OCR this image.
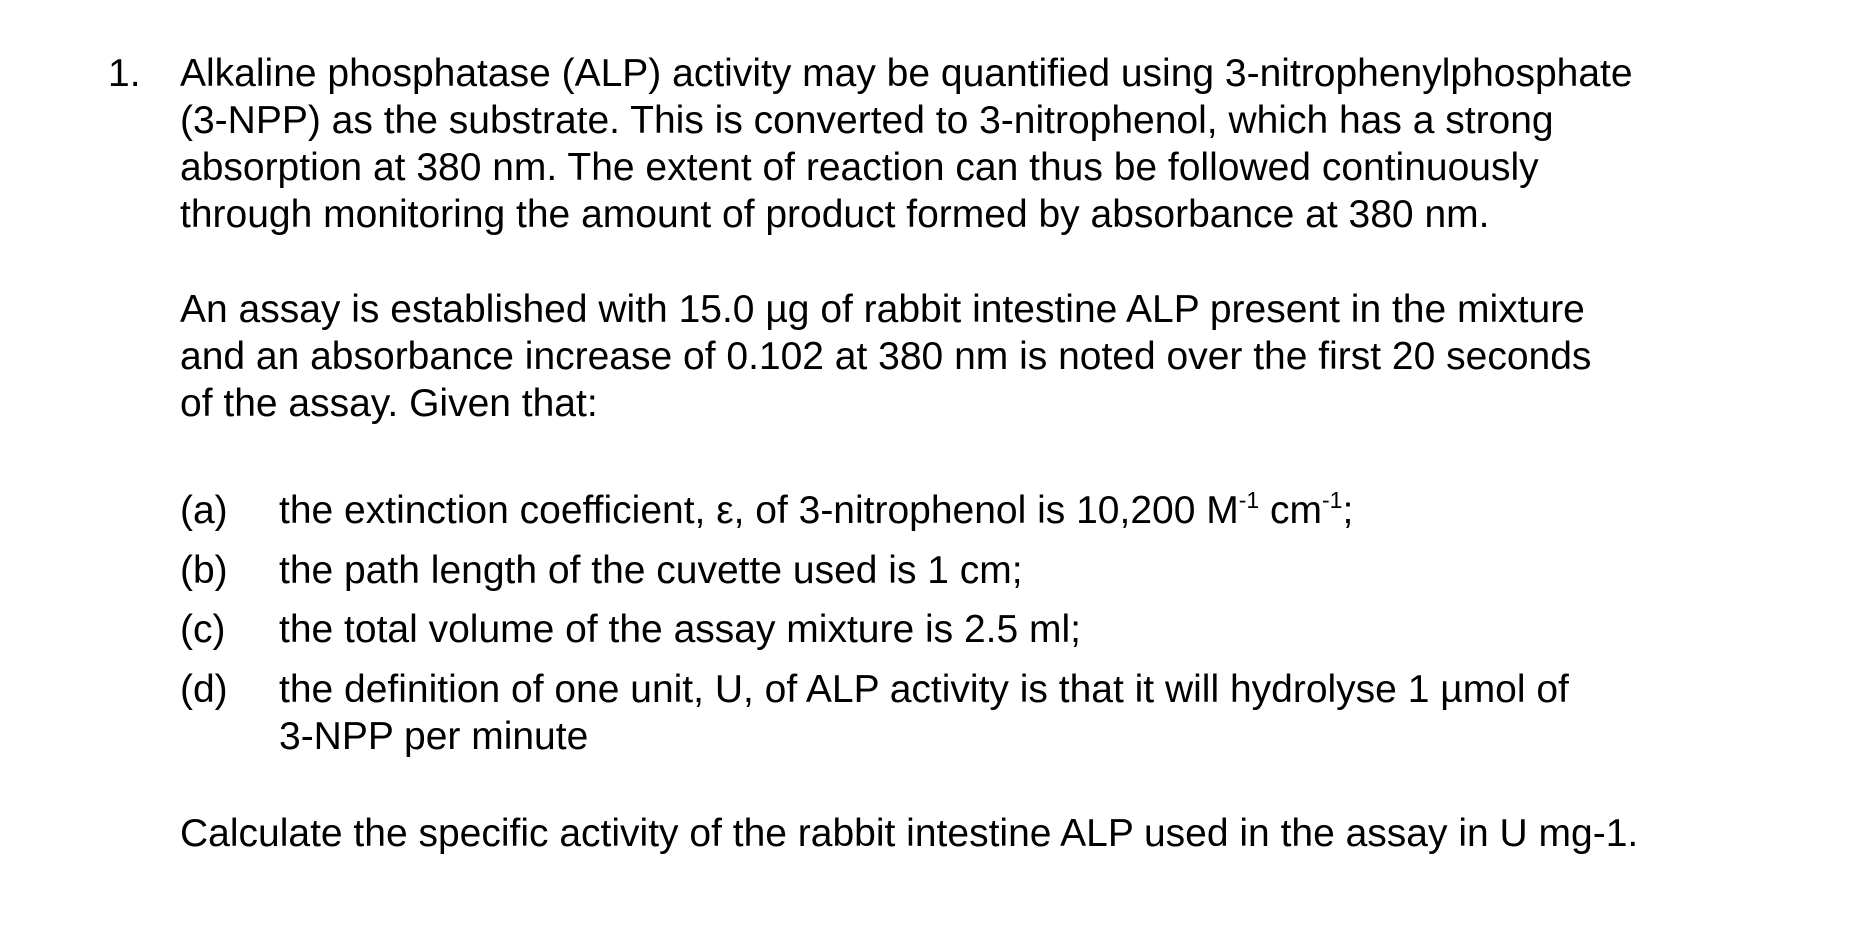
1. Alkaline phosphatase (ALP) activity may be quantified using 3-nitrophenylphosphate
(3-NPP) as the substrate. This is converted to 3-nitrophenol, which has a strong
absorption at 380 nm. The extent of reaction can thus be followed continuously
through monitoring the amount of product formed by absorbance at 380 nm.
An assay is established with 15.0 µg of rabbit intestine ALP present in the mixture
and an absorbance increase of 0.102 at 380 nm is noted over the first 20 seconds
of the assay. Given that:
(a) the extinction coefficient, ε, of 3-nitrophenol is 10,200 $M^{-1}$ $cm^{-1}$;
(b) the path length of the cuvette used is 1 cm;
(c) the total volume of the assay mixture is 2.5 ml;
(d) the definition of one unit, U, of ALP activity is that it will hydrolyse 1 µmol of
3-NPP per minute
Calculate the specific activity of the rabbit intestine ALP used in the assay in U mg-1.
